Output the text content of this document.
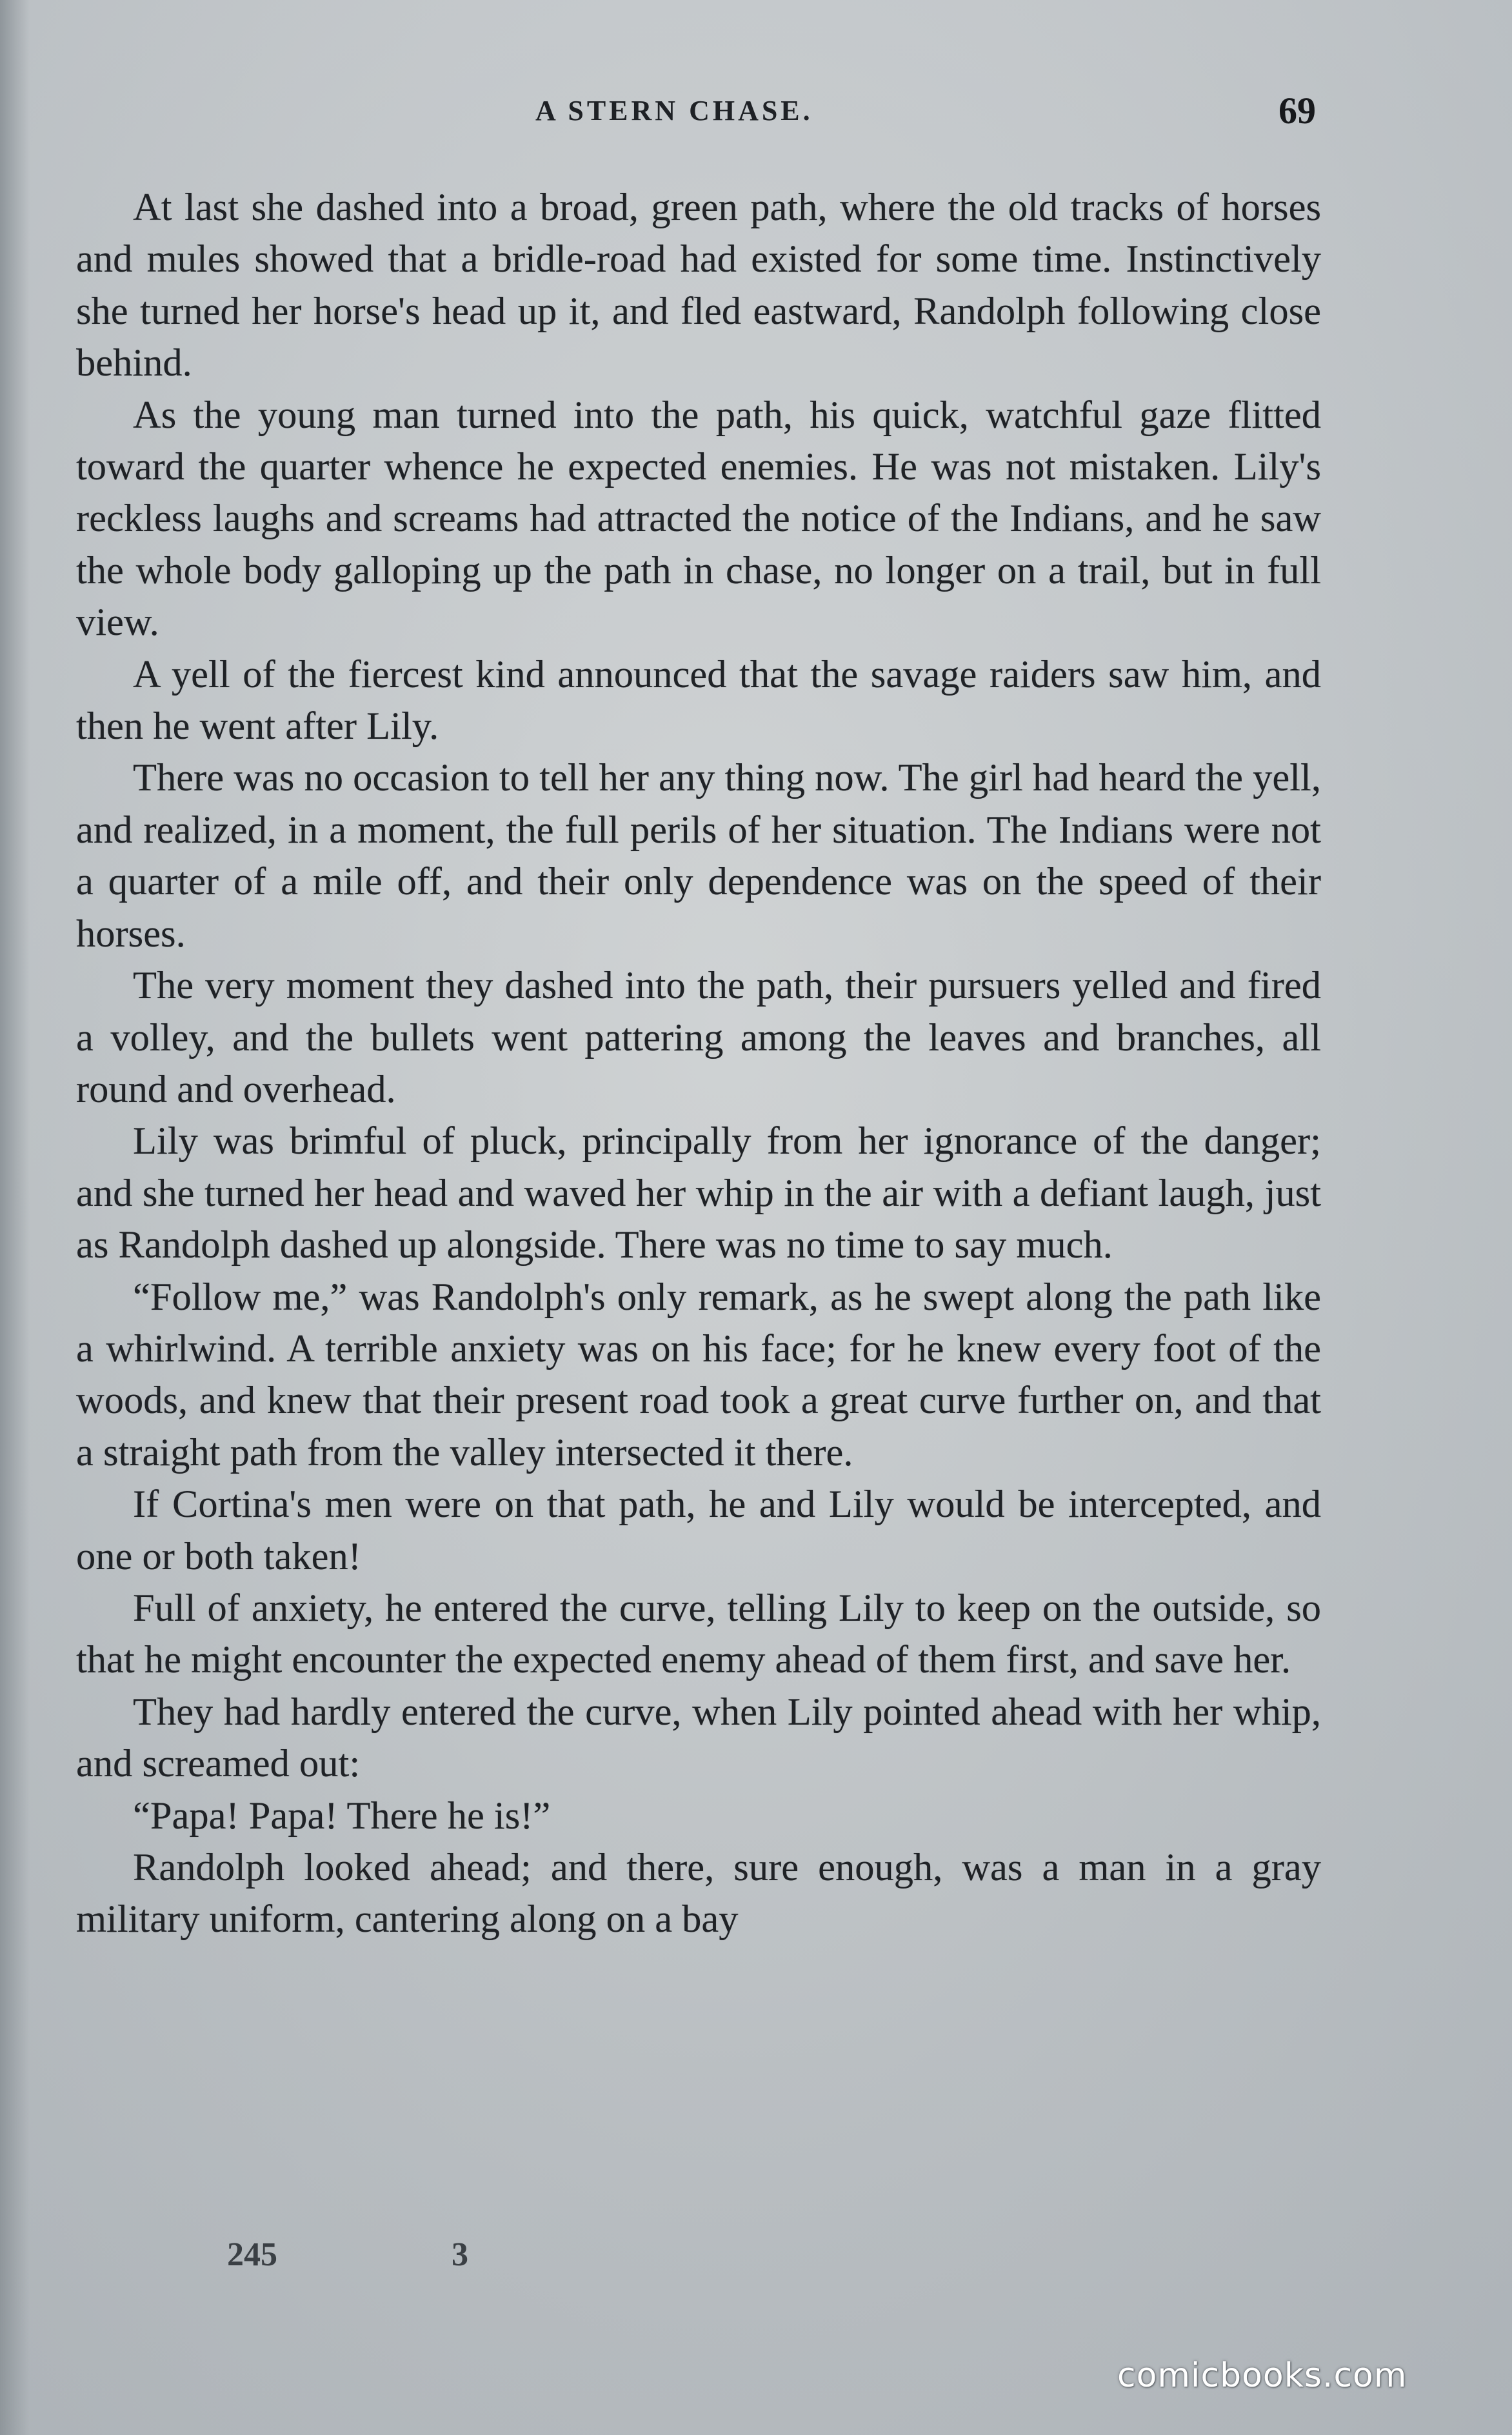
A STERN CHASE.	69

At last she dashed into a broad, green path, where the old tracks of horses and mules showed that a bridle-road had existed for some time. Instinctively she turned her horse's head up it, and fled eastward, Randolph following close behind.

As the young man turned into the path, his quick, watchful gaze flitted toward the quarter whence he expected enemies. He was not mistaken. Lily's reckless laughs and screams had attracted the notice of the Indians, and he saw the whole body galloping up the path in chase, no longer on a trail, but in full view.

A yell of the fiercest kind announced that the savage raiders saw him, and then he went after Lily.

There was no occasion to tell her any thing now. The girl had heard the yell, and realized, in a moment, the full perils of her situation. The Indians were not a quarter of a mile off, and their only dependence was on the speed of their horses.

The very moment they dashed into the path, their pursuers yelled and fired a volley, and the bullets went pattering among the leaves and branches, all round and overhead.

Lily was brimful of pluck, principally from her ignorance of the danger; and she turned her head and waved her whip in the air with a defiant laugh, just as Randolph dashed up alongside. There was no time to say much.

“Follow me,” was Randolph's only remark, as he swept along the path like a whirlwind. A terrible anxiety was on his face; for he knew every foot of the woods, and knew that their present road took a great curve further on, and that a straight path from the valley intersected it there.

If Cortina's men were on that path, he and Lily would be intercepted, and one or both taken!

Full of anxiety, he entered the curve, telling Lily to keep on the outside, so that he might encounter the expected enemy ahead of them first, and save her.

They had hardly entered the curve, when Lily pointed ahead with her whip, and screamed out:

“Papa! Papa! There he is!”

Randolph looked ahead; and there, sure enough, was a man in a gray military uniform, cantering along on a bay

245	3
comicbooks.com
